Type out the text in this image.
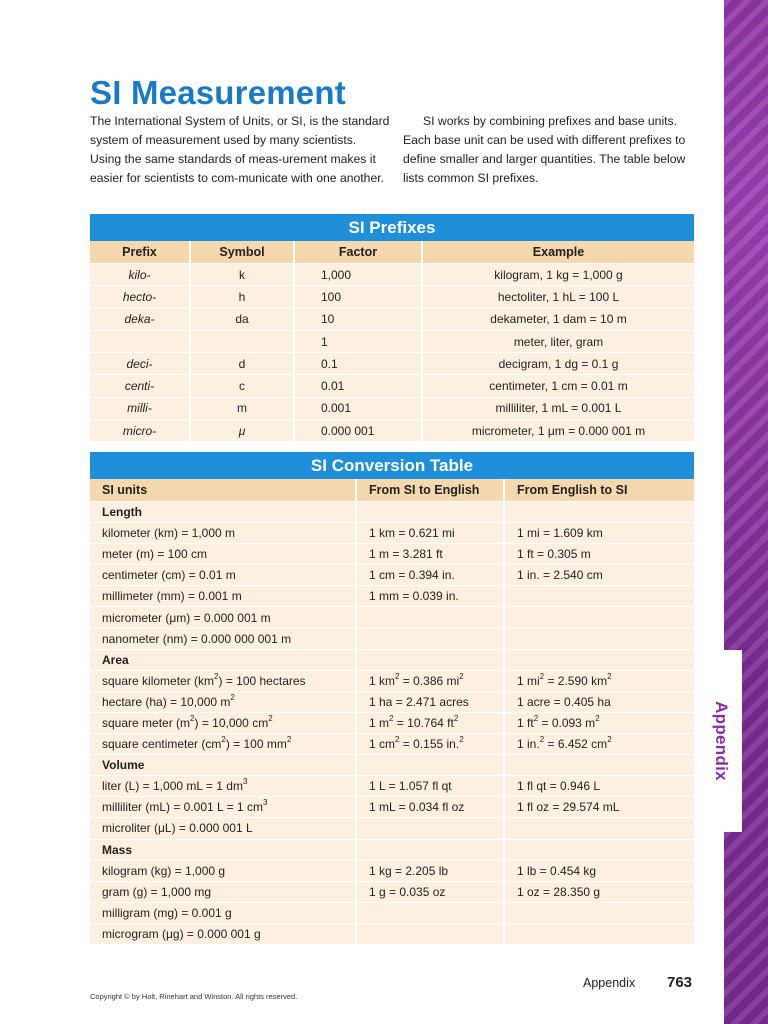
Appendix
SI Measurement

The International System of Units, or SI, is the standard system of measurement used by many scientists. Using the same standards of meas-urement makes it easier for scientists to com-municate with one another.

SI works by combining prefixes and base units. Each base unit can be used with different prefixes to define smaller and larger quantities. The table below lists common SI prefixes.

SI Prefixes
Prefix	Symbol	Factor	Example
kilo-	k	1,000	kilogram, 1 kg = 1,000 g
hecto-	h	100	hectoliter, 1 hL = 100 L
deka-	da	10	dekameter, 1 dam = 10 m
		1	meter, liter, gram
deci-	d	0.1	decigram, 1 dg = 0.1 g
centi-	c	0.01	centimeter, 1 cm = 0.01 m
milli-	m	0.001	milliliter, 1 mL = 0.001 L
micro-	μ	0.000 001	micrometer, 1 μm = 0.000 001 m
SI Conversion Table
SI units	From SI to English	From English to SI
Length		
kilometer (km) = 1,000 m	1 km = 0.621 mi	1 mi = 1.609 km
meter (m) = 100 cm	1 m = 3.281 ft	1 ft = 0.305 m
centimeter (cm) = 0.01 m	1 cm = 0.394 in.	1 in. = 2.540 cm
millimeter (mm) = 0.001 m	1 mm = 0.039 in.	
micrometer (μm) = 0.000 001 m		
nanometer (nm) = 0.000 000 001 m		
Area		
square kilometer $(km^2) = 100$ hectares	1 $km^2 = 0.386$ $mi^2$	1 $mi^2 = 2.590$ $km^2$
hectare (ha) = 10,000 $m^2$	1 ha = 2.471 acres	1 acre = 0.405 ha
square meter $(m^2) = 10,000$ $cm^2$	1 $m^2 = 10.764$ $ft^2$	1 $ft^2 = 0.093$ $m^2$
square centimeter $(cm^2) = 100$ $mm^2$	1 $cm^2 = 0.155$ in.$^2$	1 in.$^2$ = 6.452 $cm^2$
Volume		
liter (L) = 1,000 mL = 1 $dm^3$	1 L = 1.057 fl qt	1 fl qt = 0.946 L
milliliter (mL) = 0.001 L = 1 $cm^3$	1 mL = 0.034 fl oz	1 fl oz = 29.574 mL
microliter (μL) = 0.000 001 L		
Mass		
kilogram (kg) = 1,000 g	1 kg = 2.205 lb	1 lb = 0.454 kg
gram (g) = 1,000 mg	1 g = 0.035 oz	1 oz = 28.350 g
milligram (mg) = 0.001 g		
microgram (μg) = 0.000 001 g		
Appendix 763
Copyright © by Holt, Rinehart and Winston. All rights reserved.
